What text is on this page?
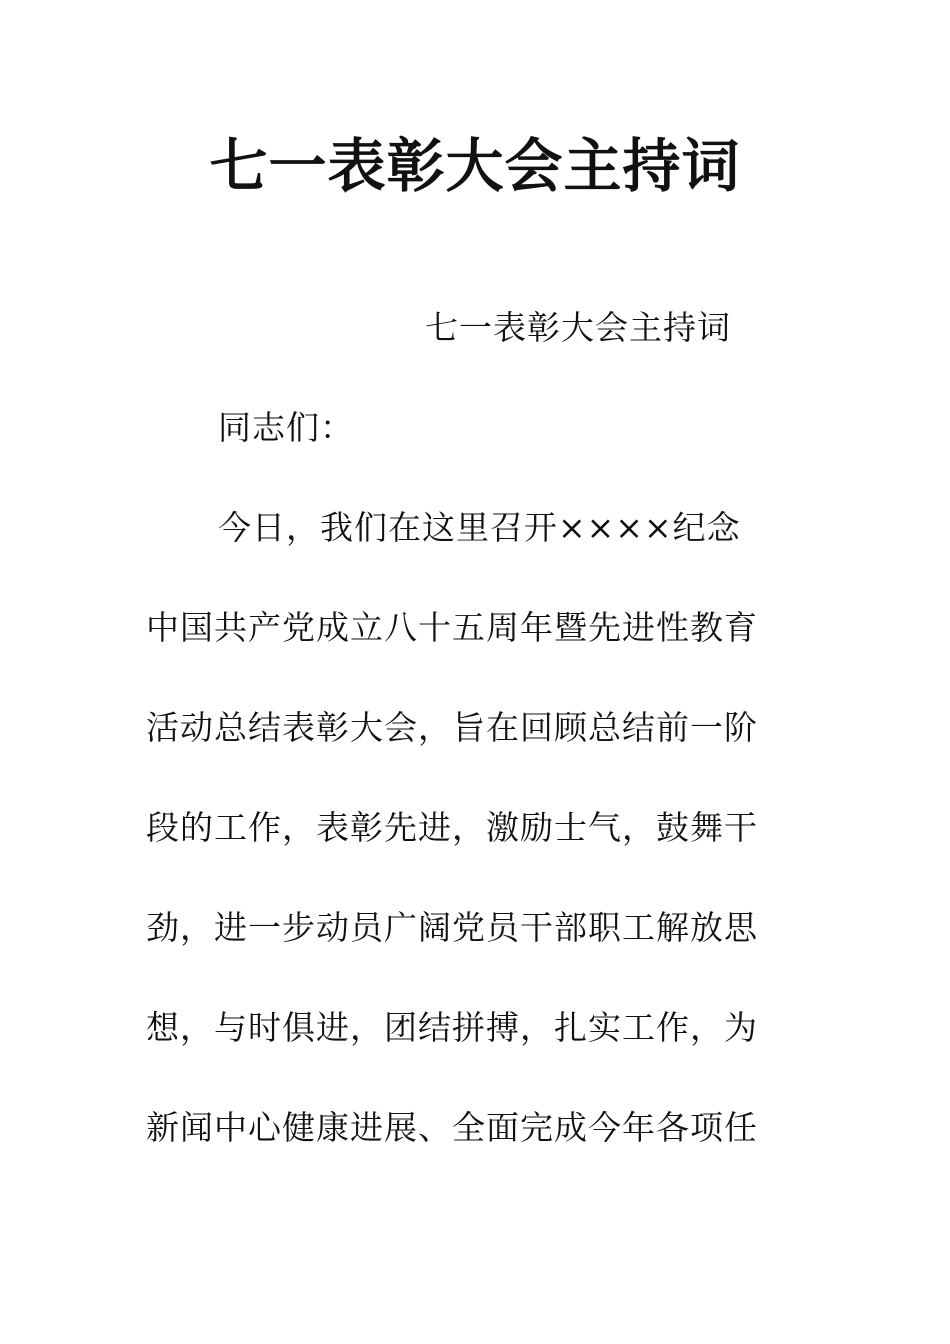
七一表彰大会主持词
七一表彰大会主持词
同志们：
今日，我们在这里召开××××纪念
中国共产党成立八十五周年暨先进性教育
活动总结表彰大会，旨在回顾总结前一阶
段的工作，表彰先进，激励士气，鼓舞干
劲，进一步动员广阔党员干部职工解放思
想，与时俱进，团结拼搏，扎实工作，为
新闻中心健康进展、全面完成今年各项任
